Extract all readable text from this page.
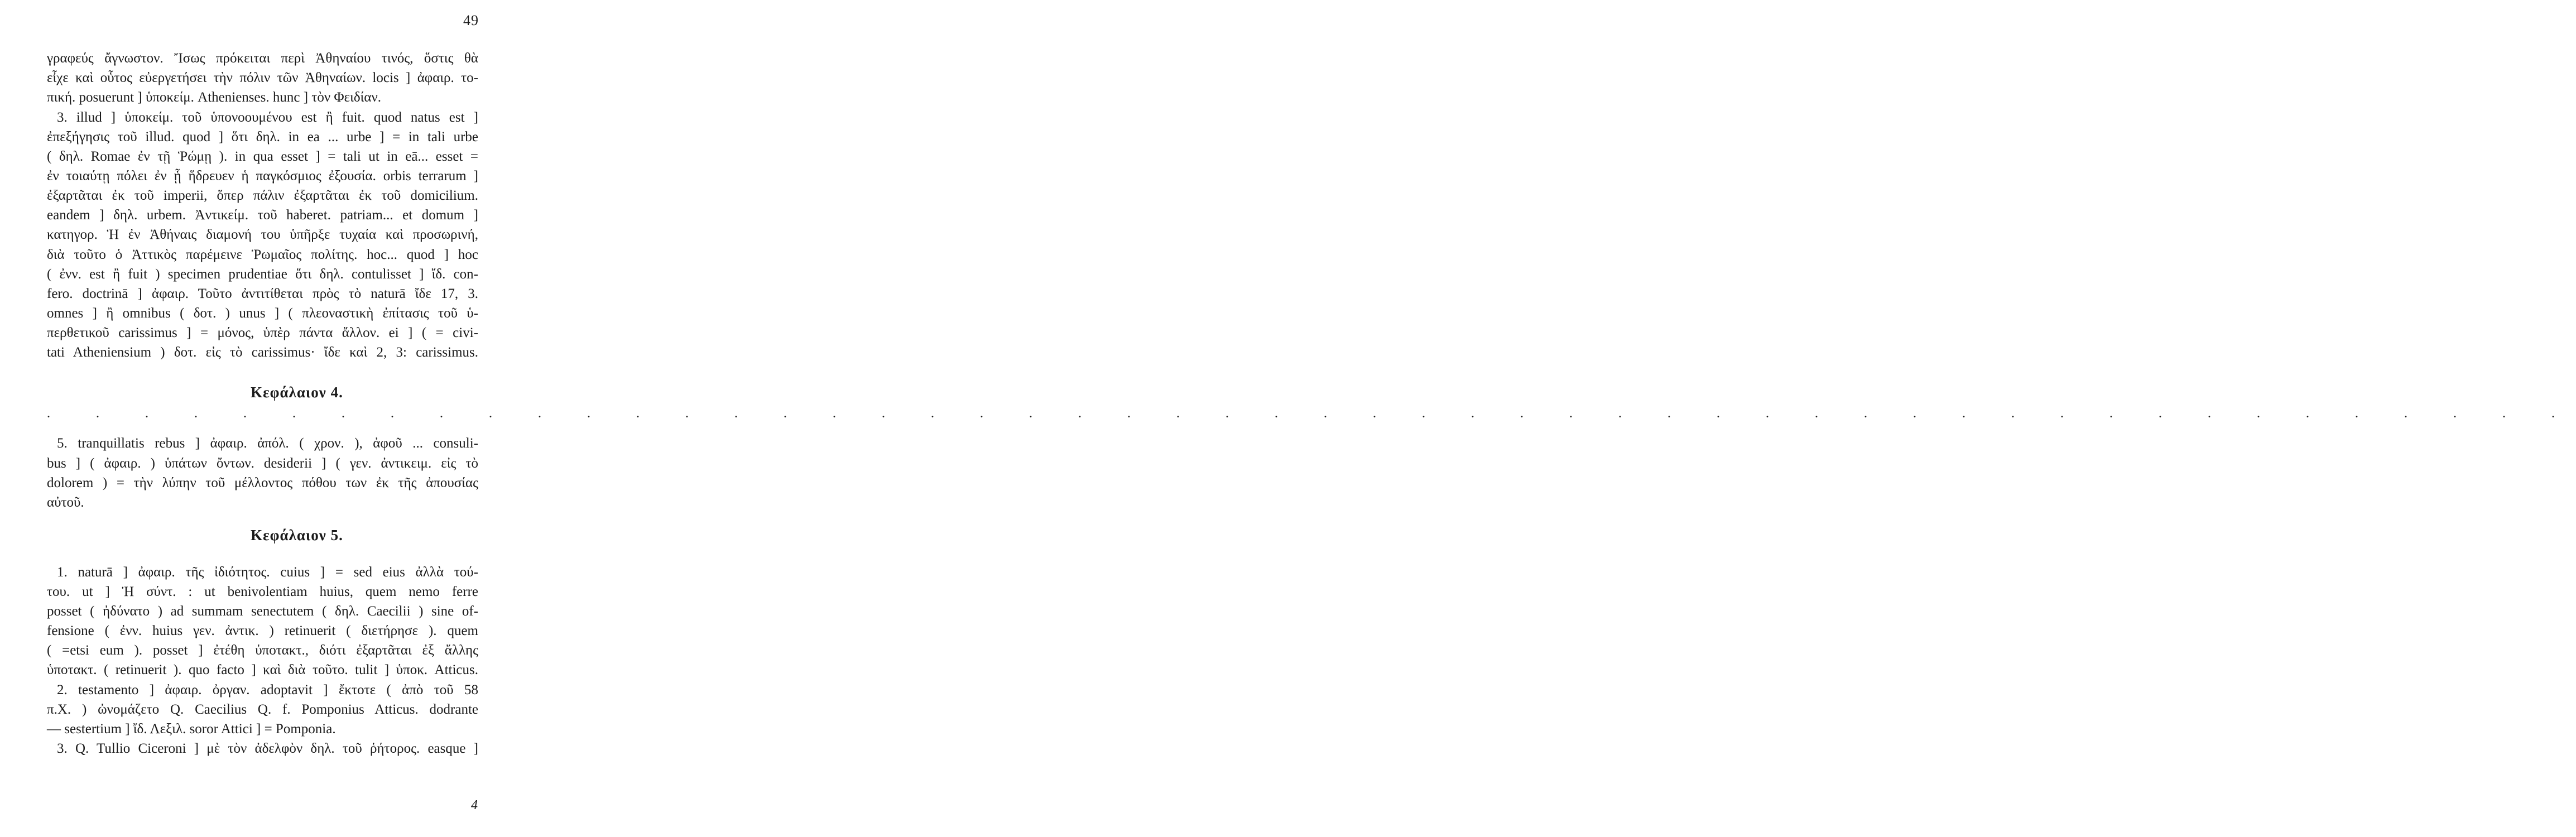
49
γραφεύς ἄγνωστον. Ἴσως πρόκειται περὶ Ἀθηναίου τινός, ὅστις θὰ
εἶχε καὶ οὗτος εὐεργετήσει τὴν πόλιν τῶν Ἀθηναίων. locis ] ἀφαιρ. το-
πική. posuerunt ] ὑποκείμ. Athenienses. hunc ] τὸν Φειδίαν.
3. illud ] ὑποκείμ. τοῦ ὑπονοουμένου est ἢ fuit. quod natus est ]
ἐπεξήγησις τοῦ illud. quod ] ὅτι δηλ. in ea ... urbe ] = in tali urbe
( δηλ. Romae ἐν τῇ Ῥώμῃ ). in qua esset ] = tali ut in eā... esset =
ἐν τοιαύτῃ πόλει ἐν ᾗ ἥδρευεν ἡ παγκόσμιος ἐξουσία. orbis terrarum ]
ἐξαρτᾶται ἐκ τοῦ imperii, ὅπερ πάλιν ἐξαρτᾶται ἐκ τοῦ domicilium.
eandem ] δηλ. urbem. Ἀντικείμ. τοῦ haberet. patriam... et domum ]
κατηγορ. Ἡ ἐν Ἀθήναις διαμονή του ὑπῆρξε τυχαία καὶ προσωρινή,
διὰ τοῦτο ὁ Ἀττικὸς παρέμεινε Ῥωμαῖος πολίτης. hoc... quod ] hoc
( ἐνν. est ἢ fuit ) specimen prudentiae ὅτι δηλ. contulisset ] ἴδ. con-
fero. doctrinā ] ἀφαιρ. Τοῦτο ἀντιτίθεται πρὸς τὸ naturā ἴδε 17, 3.
omnes ] ἢ omnibus ( δοτ. ) unus ] ( πλεοναστικὴ ἐπίτασις τοῦ ὑ-
περθετικοῦ carissimus ] = μόνος, ὑπὲρ πάντα ἄλλον. ei ] ( = civi-
tati Atheniensium ) δοτ. εἰς τὸ carissimus· ἴδε καὶ 2, 3: carissimus.
Κεφάλαιον 4.
. . . . . . . . . . . . . . . . . . . . . . . . . . . . . . . . . . . . . . . . . . . . . . . . . . . .
5. tranquillatis rebus ] ἀφαιρ. ἀπόλ. ( χρον. ), ἀφοῦ ... consuli-
bus ] ( ἀφαιρ. ) ὑπάτων ὄντων. desiderii ] ( γεν. ἀντικειμ. εἰς τὸ
dolorem ) = τὴν λύπην τοῦ μέλλοντος πόθου των ἐκ τῆς ἀπουσίας
αὐτοῦ.
Κεφάλαιον 5.
1. naturā ] ἀφαιρ. τῆς ἰδιότητος. cuius ] = sed eius ἀλλὰ τού-
του. ut ] Ἡ σύντ. : ut benivolentiam huius, quem nemo ferre
posset ( ἠδύνατο ) ad summam senectutem ( δηλ. Caecilii ) sine of-
fensione ( ἐνν. huius γεν. ἀντικ. ) retinuerit ( διετήρησε ). quem
( =etsi eum ). posset ] ἐτέθη ὑποτακτ., διότι ἐξαρτᾶται ἐξ ἄλλης
ὑποτακτ. ( retinuerit ). quo facto ] καὶ διὰ τοῦτο. tulit ] ὑποκ. Atticus.
2. testamento ] ἀφαιρ. ὀργαν. adoptavit ] ἔκτοτε ( ἀπὸ τοῦ 58
π.Χ. ) ὠνομάζετο Q. Caecilius Q. f. Pomponius Atticus. dodrante
— sestertium ] ἴδ. Λεξιλ. soror Attici ] = Pomponia.
3. Q. Tullio Ciceroni ] μὲ τὸν ἀδελφὸν δηλ. τοῦ ῥήτορος. easque ]
4
